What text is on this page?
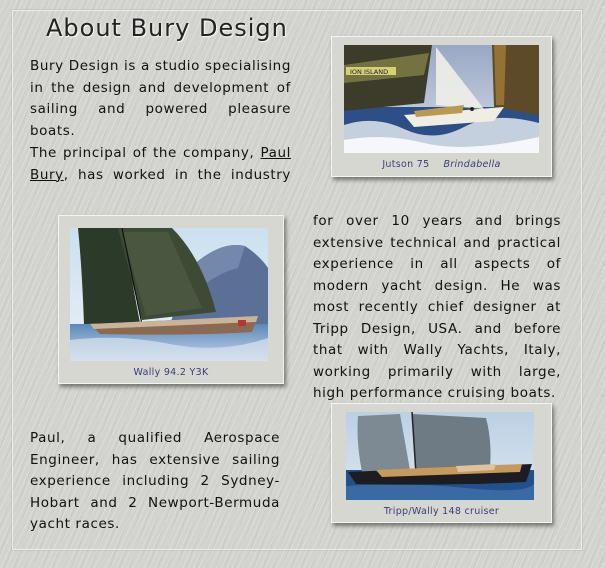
About Bury Design

Bury Design is a studio specialising in the design and development of sailing and powered pleasure boats.

The principal of the company, Paul Bury, has worked in the industry

for over 10 years and brings extensive technical and practical experience in all aspects of modern yacht design. He was most recently chief designer at Tripp Design, USA. and before that with Wally Yachts, Italy, working primarily with large, high performance cruising boats.

Paul, a qualified Aerospace Engineer, has extensive sailing experience including 2 Sydney-Hobart and 2 Newport-Bermuda yacht races.

ION ISLAND
Jutson 75 Brindabella
Wally 94.2 Y3K
Tripp/Wally 148 cruiser
